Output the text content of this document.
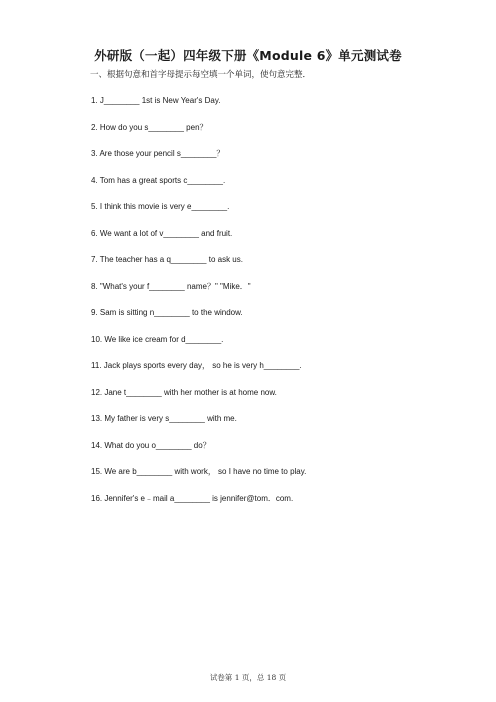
外研版（一起）四年级下册《Module 6》单元测试卷
一、根据句意和首字母提示每空填一个单词，使句意完整．
1. J________ 1st is New Year's Day.
2. How do you s________ pen？
3. Are those your pencil s________？
4. Tom has a great sports c________.
5. I think this movie is very e________.
6. We want a lot of v________ and fruit.
7. The teacher has a q________ to ask us.
8. "What's your f________ name？" "Mike．"
9. Sam is sitting n________ to the window.
10. We like ice cream for d________.
11. Jack plays sports every day， so he is very h________.
12. Jane t________ with her mother is at home now.
13. My father is very s________ with me.
14. What do you o________ do？
15. We are b________ with work， so I have no time to play.
16. Jennifer's e﹣mail a________ is jennifer@tom．com.
试卷第 1 页，总 18 页
